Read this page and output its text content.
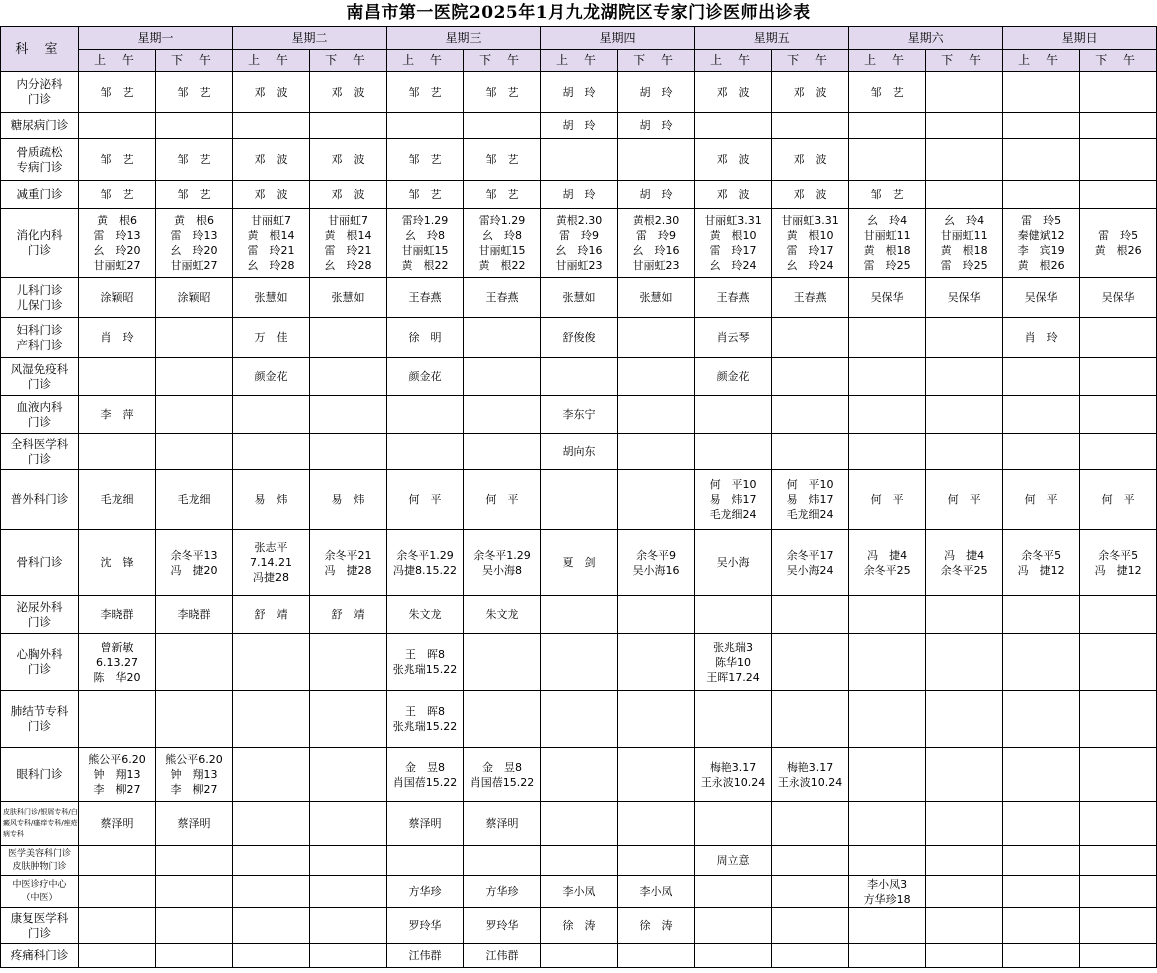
南昌市第一医院2025年1月九龙湖院区专家门诊医师出诊表
科 室	星期一		星期二		星期三		星期四		星期五		星期六		星期日	
	上 午	下 午	上 午	下 午	上 午	下 午	上 午	下 午	上 午	下 午	上 午	下 午	上 午	下 午
内分泌科
门诊	邹　艺	邹　艺	邓　波	邓　波	邹　艺	邹　艺	胡　玲	胡　玲	邓　波	邓　波	邹　艺			
糖尿病门诊							胡　玲	胡　玲						
骨质疏松
专病门诊	邹　艺	邹　艺	邓　波	邓　波	邹　艺	邹　艺			邓　波	邓　波				
减重门诊	邹　艺	邹　艺	邓　波	邓　波	邹　艺	邹　艺	胡　玲	胡　玲	邓　波	邓　波	邹　艺			
消化内科
门诊	黄　根6
雷　玲13
幺　玲20
甘丽虹27	黄　根6
雷　玲13
幺　玲20
甘丽虹27	甘丽虹7
黄　根14
雷　玲21
幺　玲28	甘丽虹7
黄　根14
雷　玲21
幺　玲28	雷玲1.29
幺　玲8
甘丽虹15
黄　根22	雷玲1.29
幺　玲8
甘丽虹15
黄　根22	黄根2.30
雷　玲9
幺　玲16
甘丽虹23	黄根2.30
雷　玲9
幺　玲16
甘丽虹23	甘丽虹3.31
黄　根10
雷　玲17
幺　玲24	甘丽虹3.31
黄　根10
雷　玲17
幺　玲24	幺　玲4
甘丽虹11
黄　根18
雷　玲25	幺　玲4
甘丽虹11
黄　根18
雷　玲25	雷　玲5
秦健斌12
李　宾19
黄　根26	雷　玲5
黄　根26
儿科门诊
儿保门诊	涂颖昭	涂颖昭	张慧如	张慧如	王春燕	王春燕	张慧如	张慧如	王春燕	王春燕	吴保华	吴保华	吴保华	吴保华
妇科门诊
产科门诊	肖　玲		万　佳		徐　明		舒俊俊		肖云琴				肖　玲	
风湿免疫科
门诊			颜金花		颜金花				颜金花					
血液内科
门诊	李　萍						李东宁							
全科医学科
门诊							胡向东							
普外科门诊	毛龙细	毛龙细	易　炜	易　炜	何　平	何　平			何　平10
易　炜17
毛龙细24	何　平10
易　炜17
毛龙细24	何　平	何　平	何　平	何　平
骨科门诊	沈　锋	余冬平13
冯　捷20	张志平
7.14.21
冯捷28	余冬平21
冯　捷28	余冬平1.29
冯捷8.15.22	余冬平1.29
吴小海8	夏　剑	余冬平9
吴小海16	吴小海	余冬平17
吴小海24	冯　捷4
余冬平25	冯　捷4
余冬平25	余冬平5
冯　捷12	余冬平5
冯　捷12
泌尿外科
门诊	李晓群	李晓群	舒　靖	舒　靖	朱文龙	朱文龙								
心胸外科
门诊	曾新敏
6.13.27
陈　华20				王　晖8
张兆瑞15.22				张兆瑞3
陈华10
王晖17.24					
肺结节专科
门诊					王　晖8
张兆瑞15.22									
眼科门诊	熊公平6.20
钟　翔13
李　柳27	熊公平6.20
钟　翔13
李　柳27			金　昱8
肖国蓓15.22	金　昱8
肖国蓓15.22			梅艳3.17
王永波10.24	梅艳3.17
王永波10.24				
皮肤科门诊/银屑专科/白癜风专科/瘙痒专科/痤疮病专科	蔡泽明	蔡泽明			蔡泽明	蔡泽明								
医学美容科门诊
皮肤肿物门诊									周立意					
中医诊疗中心
（中医）					方华珍	方华珍	李小凤	李小凤			李小凤3
方华珍18			
康复医学科
门诊					罗玲华	罗玲华	徐　涛	徐　涛						
疼痛科门诊					江伟群	江伟群								
